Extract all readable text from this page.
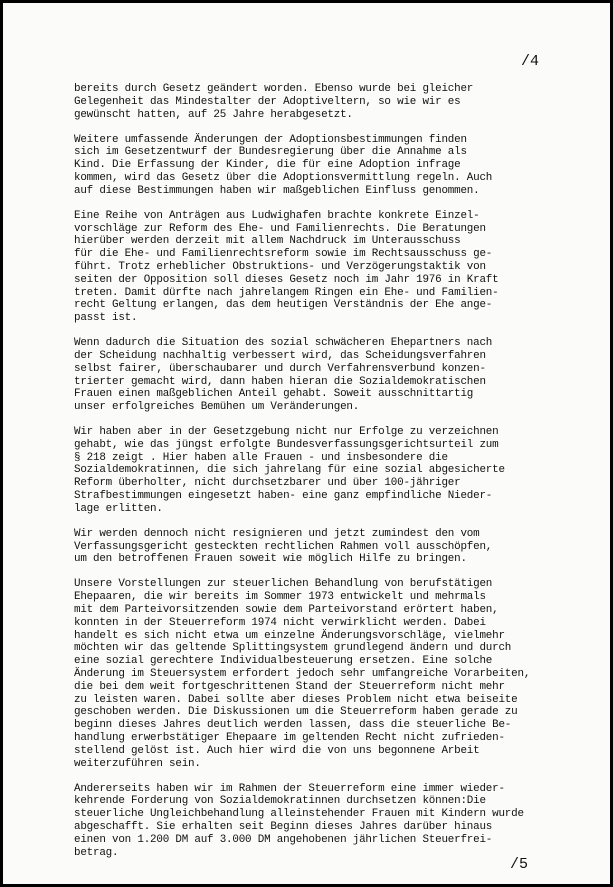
/4
bereits durch Gesetz geändert worden. Ebenso wurde bei gleicher
Gelegenheit das Mindestalter der Adoptiveltern, so wie wir es
gewünscht hatten, auf 25 Jahre herabgesetzt.
Weitere umfassende Änderungen der Adoptionsbestimmungen finden
sich im Gesetzentwurf der Bundesregierung über die Annahme als
Kind. Die Erfassung der Kinder, die für eine Adoption infrage
kommen, wird das Gesetz über die Adoptionsvermittlung regeln. Auch
auf diese Bestimmungen haben wir maßgeblichen Einfluss genommen.
Eine Reihe von Anträgen aus Ludwighafen brachte konkrete Einzel-
vorschläge zur Reform des Ehe- und Familienrechts. Die Beratungen
hierüber werden derzeit mit allem Nachdruck im Unterausschuss
für die Ehe- und Familienrechtsreform sowie im Rechtsausschuss ge-
führt. Trotz erheblicher Obstruktions- und Verzögerungstaktik von
seiten der Opposition soll dieses Gesetz noch im Jahr 1976 in Kraft
treten. Damit dürfte nach jahrelangem Ringen ein Ehe- und Familien-
recht Geltung erlangen, das dem heutigen Verständnis der Ehe ange-
passt ist.
Wenn dadurch die Situation des sozial schwächeren Ehepartners nach
der Scheidung nachhaltig verbessert wird, das Scheidungsverfahren
selbst fairer, überschaubarer und durch Verfahrensverbund konzen-
trierter gemacht wird, dann haben hieran die Sozialdemokratischen
Frauen einen maßgeblichen Anteil gehabt. Soweit ausschnittartig
unser erfolgreiches Bemühen um Veränderungen.
Wir haben aber in der Gesetzgebung nicht nur Erfolge zu verzeichnen
gehabt, wie das jüngst erfolgte Bundesverfassungsgerichtsurteil zum
§ 218 zeigt . Hier haben alle Frauen - und insbesondere die
Sozialdemokratinnen, die sich jahrelang für eine sozial abgesicherte
Reform überholter, nicht durchsetzbarer und über 100-jähriger
Strafbestimmungen eingesetzt haben- eine ganz empfindliche Nieder-
lage erlitten.
Wir werden dennoch nicht resignieren und jetzt zumindest den vom
Verfassungsgericht gesteckten rechtlichen Rahmen voll ausschöpfen,
um den betroffenen Frauen soweit wie möglich Hilfe zu bringen.
Unsere Vorstellungen zur steuerlichen Behandlung von berufstätigen
Ehepaaren, die wir bereits im Sommer 1973 entwickelt und mehrmals
mit dem Parteivorsitzenden sowie dem Parteivorstand erörtert haben,
konnten in der Steuerreform 1974 nicht verwirklicht werden. Dabei
handelt es sich nicht etwa um einzelne Änderungsvorschläge, vielmehr
möchten wir das geltende Splittingsystem grundlegend ändern und durch
eine sozial gerechtere Individualbesteuerung ersetzen. Eine solche
Änderung im Steuersystem erfordert jedoch sehr umfangreiche Vorarbeiten,
die bei dem weit fortgeschrittenen Stand der Steuerreform nicht mehr
zu leisten waren. Dabei sollte aber dieses Problem nicht etwa beiseite
geschoben werden. Die Diskussionen um die Steuerreform haben gerade zu
beginn dieses Jahres deutlich werden lassen, dass die steuerliche Be-
handlung erwerbstätiger Ehepaare im geltenden Recht nicht zufrieden-
stellend gelöst ist. Auch hier wird die von uns begonnene Arbeit
weiterzuführen sein.
Andererseits haben wir im Rahmen der Steuerreform eine immer wieder-
kehrende Forderung von Sozialdemokratinnen durchsetzen können:Die
steuerliche Ungleichbehandlung alleinstehender Frauen mit Kindern wurde
abgeschafft. Sie erhalten seit Beginn dieses Jahres darüber hinaus
einen von 1.200 DM auf 3.000 DM angehobenen jährlichen Steuerfrei-
betrag.
/5
